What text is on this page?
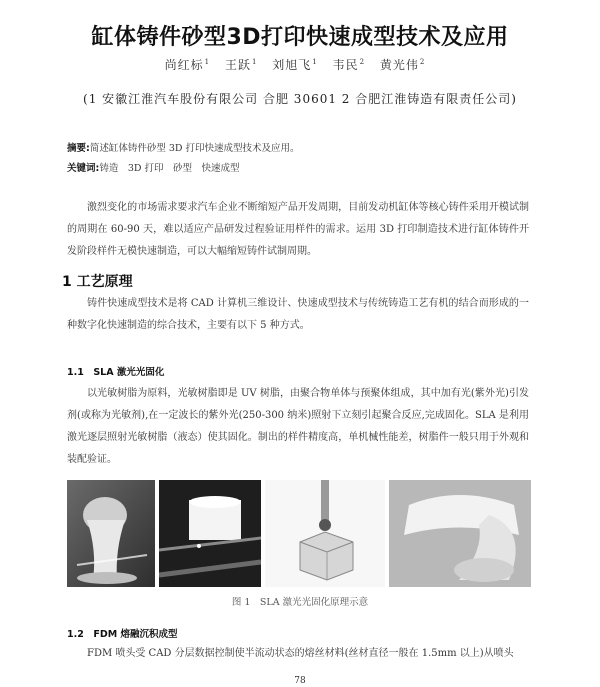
缸体铸件砂型3D打印快速成型技术及应用
尚红标$^1$ 王跃$^1$ 刘旭飞$^1$ 韦民$^2$ 黄光伟$^2$
(1 安徽江淮汽车股份有限公司 合肥 30601 2 合肥江淮铸造有限责任公司)
摘要:简述缸体铸件砂型 3D 打印快速成型技术及应用。
关键词:铸造　3D 打印　砂型　快速成型
激烈变化的市场需求要求汽车企业不断缩短产品开发周期，目前发动机缸体等核心铸件采用开模试制的周期在 60-90 天，难以适应产品研发过程验证用样件的需求。运用 3D 打印制造技术进行缸体铸件开发阶段样件无模快速制造，可以大幅缩短铸件试制周期。
1 工艺原理
铸件快速成型技术是将 CAD 计算机三维设计、快速成型技术与传统铸造工艺有机的结合而形成的一种数字化快速制造的综合技术，主要有以下 5 种方式。
1.1　SLA 激光光固化
以光敏树脂为原料，光敏树脂即是 UV 树脂，由聚合物单体与预聚体组成，其中加有光(紫外光)引发剂(或称为光敏剂),在一定波长的紫外光(250-300 纳米)照射下立刻引起聚合反应,完成固化。SLA 是利用激光逐层照射光敏树脂（液态）使其固化。制出的样件精度高，单机械性能差，树脂件一般只用于外观和装配验证。
图 1　SLA 激光光固化原理示意
1.2　FDM 熔融沉积成型
FDM 喷头受 CAD 分层数据控制使半流动状态的熔丝材料(丝材直径一般在 1.5mm 以上)从喷头
78
